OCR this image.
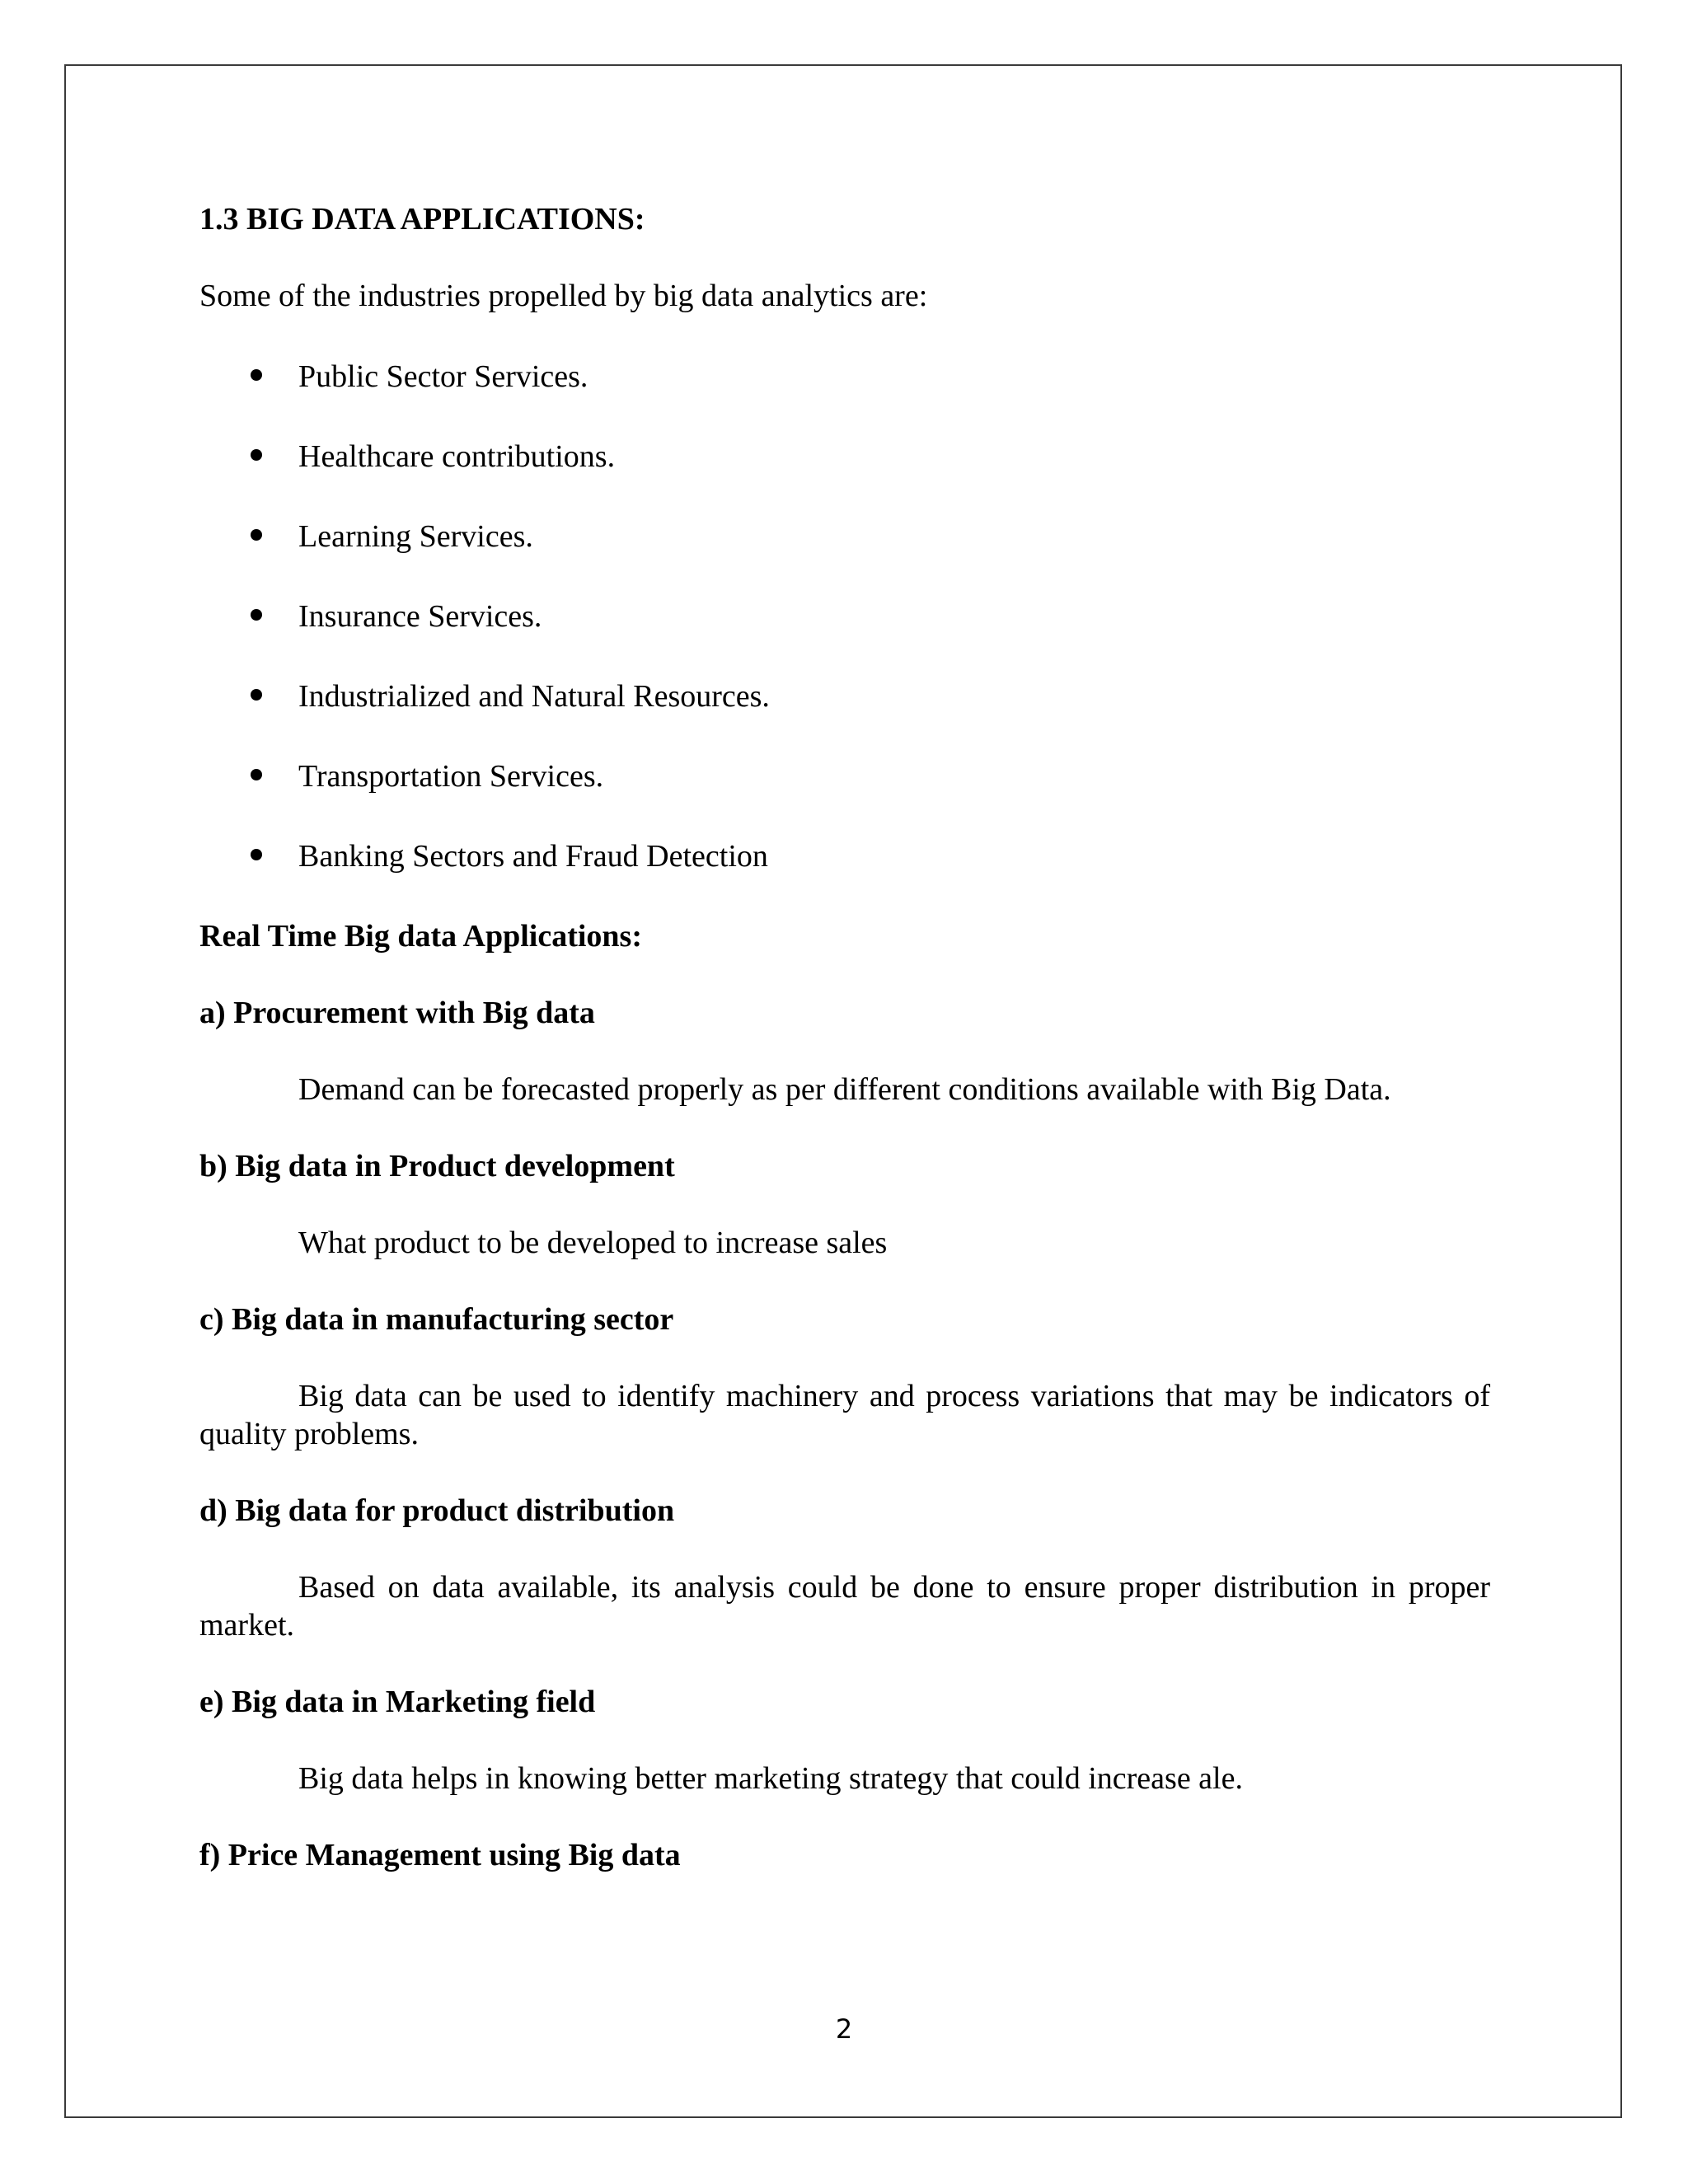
1.3 BIG DATA APPLICATIONS:
Some of the industries propelled by big data analytics are:
Public Sector Services.
Healthcare contributions.
Learning Services.
Insurance Services.
Industrialized and Natural Resources.
Transportation Services.
Banking Sectors and Fraud Detection
Real Time Big data Applications:
a) Procurement with Big data
Demand can be forecasted properly as per different conditions available with Big Data.
b) Big data in Product development
What product to be developed to increase sales
c) Big data in manufacturing sector
Big data can be used to identify machinery and process variations that may be indicators of quality problems.
d) Big data for product distribution
Based on data available, its analysis could be done to ensure proper distribution in proper market.
e) Big data in Marketing field
Big data helps in knowing better marketing strategy that could increase ale.
f) Price Management using Big data
2
